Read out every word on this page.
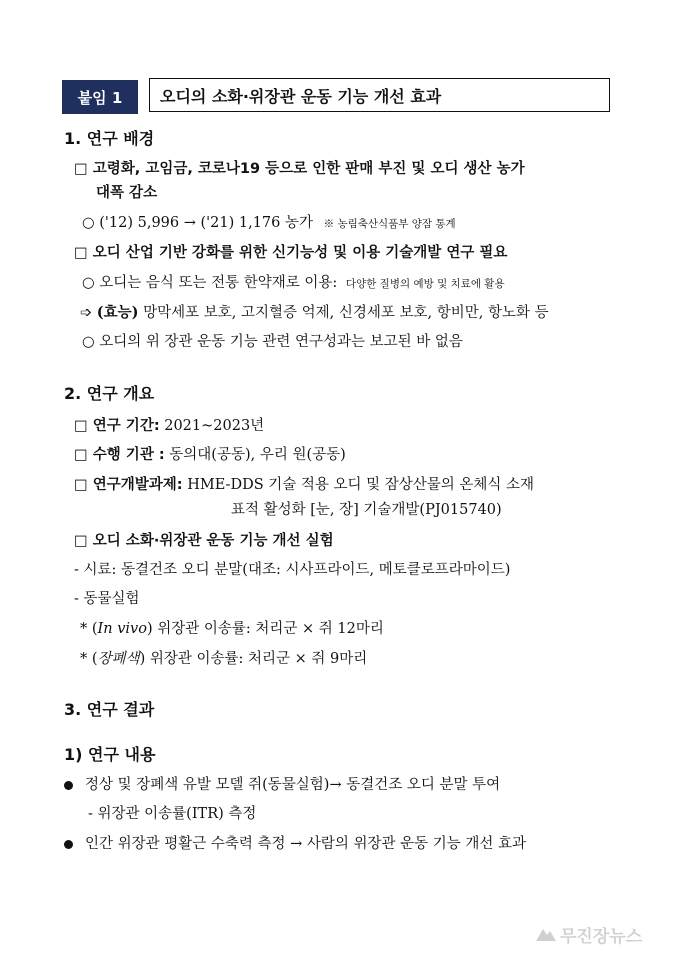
붙임 1	오디의 소화·위장관 운동 기능 개선 효과
1. 연구 배경
□ 고령화, 고임금, 코로나19 등으로 인한 판매 부진 및 오디 생산 농가
대폭 감소
○ ('12) 5,996 → ('21) 1,176 농가 ※ 농림축산식품부 양잠 통계
□ 오디 산업 기반 강화를 위한 신기능성 및 이용 기술개발 연구 필요
○ 오디는 음식 또는 전통 한약재로 이용: 다양한 질병의 예방 및 치료에 활용
➩ (효능) 망막세포 보호, 고지혈증 억제, 신경세포 보호, 항비만, 항노화 등
○ 오디의 위 장관 운동 기능 관련 연구성과는 보고된 바 없음
2. 연구 개요
□ 연구 기간: 2021~2023년
□ 수행 기관 : 동의대(공동), 우리 원(공동)
□ 연구개발과제: HME-DDS 기술 적용 오디 및 잠상산물의 온체식 소재
표적 활성화 [눈, 장] 기술개발(PJ015740)
□ 오디 소화·위장관 운동 기능 개선 실험
- 시료: 동결건조 오디 분말(대조: 시사프라이드, 메토클로프라마이드)
- 동물실험
* (In vivo) 위장관 이송률: 처리군 × 쥐 12마리
* (장폐색) 위장관 이송률: 처리군 × 쥐 9마리
3. 연구 결과
1) 연구 내용
정상 및 장폐색 유발 모델 쥐(동물실험)→ 동결건조 오디 분말 투여
- 위장관 이송률(ITR) 측정
인간 위장관 평활근 수축력 측정 → 사람의 위장관 운동 기능 개선 효과
무진장뉴스
